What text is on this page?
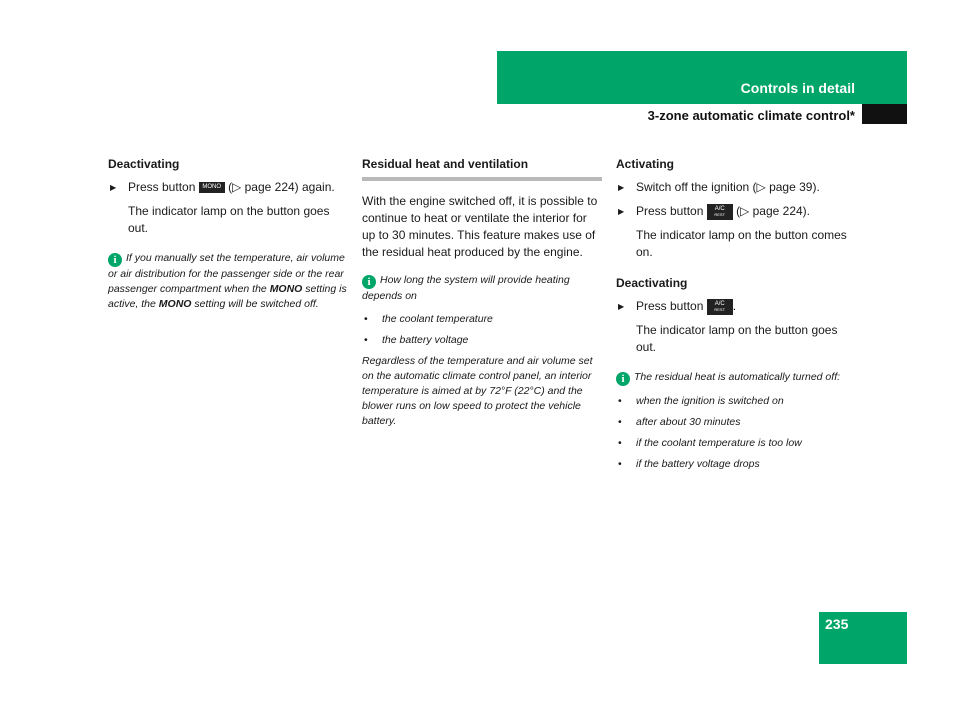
Controls in detail
3-zone automatic climate control*
Deactivating
▶ Press button MONO (▷ page 224) again.
The indicator lamp on the button goes out.
i If you manually set the temperature, air volume or air distribution for the passenger side or the rear passenger compartment when the MONO setting is active, the MONO setting will be switched off.
Residual heat and ventilation
With the engine switched off, it is possible to continue to heat or ventilate the interior for up to 30 minutes. This feature makes use of the residual heat produced by the engine.
i How long the system will provide heating depends on
• the coolant temperature
• the battery voltage
Regardless of the temperature and air volume set on the automatic climate control panel, an interior temperature is aimed at by 72°F (22°C) and the blower runs on low speed to protect the vehicle battery.
Activating
▶ Switch off the ignition (▷ page 39).
▶ Press button A/C
REST (▷ page 224).
The indicator lamp on the button comes on.
Deactivating
▶ Press button A/C
REST .
The indicator lamp on the button goes out.
i The residual heat is automatically turned off:
• when the ignition is switched on
• after about 30 minutes
• if the coolant temperature is too low
• if the battery voltage drops
235
